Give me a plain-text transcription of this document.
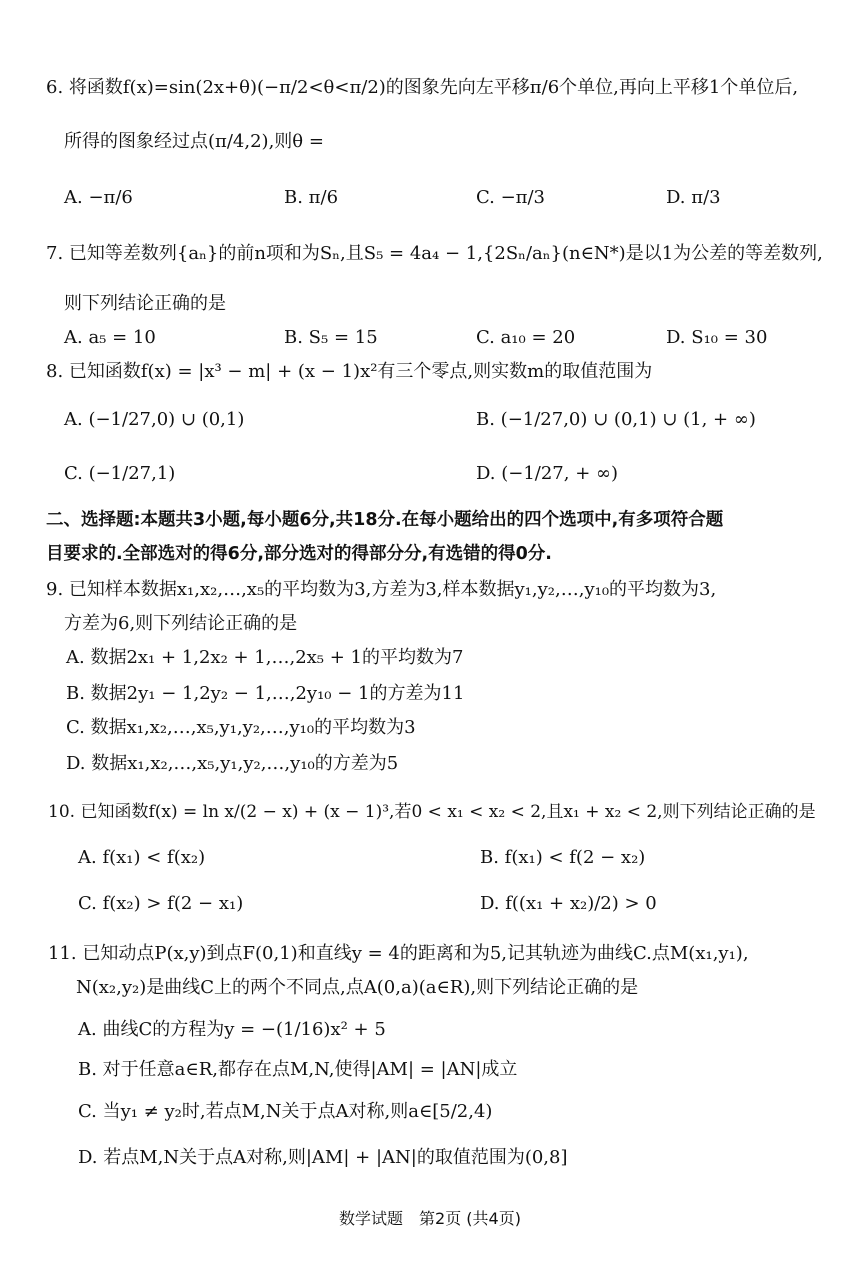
6. 将函数f(x)=sin(2x+θ)(−π/2<θ<π/2)的图象先向左平移π/6个单位,再向上平移1个单位后,
所得的图象经过点(π/4,2),则θ =
A. −π/6	B. π/6	C. −π/3	D. π/3
7. 已知等差数列{aₙ}的前n项和为Sₙ,且S₅ = 4a₄ − 1,{2Sₙ/aₙ}(n∈N*)是以1为公差的等差数列,
则下列结论正确的是
A. a₅ = 10	B. S₅ = 15	C. a₁₀ = 20	D. S₁₀ = 30
8. 已知函数f(x) = |x³ − m| + (x − 1)x²有三个零点,则实数m的取值范围为
A. (−1/27,0) ∪ (0,1)	B. (−1/27,0) ∪ (0,1) ∪ (1, + ∞)
C. (−1/27,1)	D. (−1/27, + ∞)
二、选择题:本题共3小题,每小题6分,共18分.在每小题给出的四个选项中,有多项符合题
目要求的.全部选对的得6分,部分选对的得部分分,有选错的得0分.
9. 已知样本数据x₁,x₂,…,x₅的平均数为3,方差为3,样本数据y₁,y₂,…,y₁₀的平均数为3,
方差为6,则下列结论正确的是
A. 数据2x₁ + 1,2x₂ + 1,…,2x₅ + 1的平均数为7
B. 数据2y₁ − 1,2y₂ − 1,…,2y₁₀ − 1的方差为11
C. 数据x₁,x₂,…,x₅,y₁,y₂,…,y₁₀的平均数为3
D. 数据x₁,x₂,…,x₅,y₁,y₂,…,y₁₀的方差为5
10. 已知函数f(x) = ln x/(2 − x) + (x − 1)³,若0 < x₁ < x₂ < 2,且x₁ + x₂ < 2,则下列结论正确的是
A. f(x₁) < f(x₂)	B. f(x₁) < f(2 − x₂)
C. f(x₂) > f(2 − x₁)	D. f((x₁ + x₂)/2) > 0
11. 已知动点P(x,y)到点F(0,1)和直线y = 4的距离和为5,记其轨迹为曲线C.点M(x₁,y₁),
N(x₂,y₂)是曲线C上的两个不同点,点A(0,a)(a∈R),则下列结论正确的是
A. 曲线C的方程为y = −(1/16)x² + 5
B. 对于任意a∈R,都存在点M,N,使得|AM| = |AN|成立
C. 当y₁ ≠ y₂时,若点M,N关于点A对称,则a∈[5/2,4)
D. 若点M,N关于点A对称,则|AM| + |AN|的取值范围为(0,8]
数学试题　第2页 (共4页)
